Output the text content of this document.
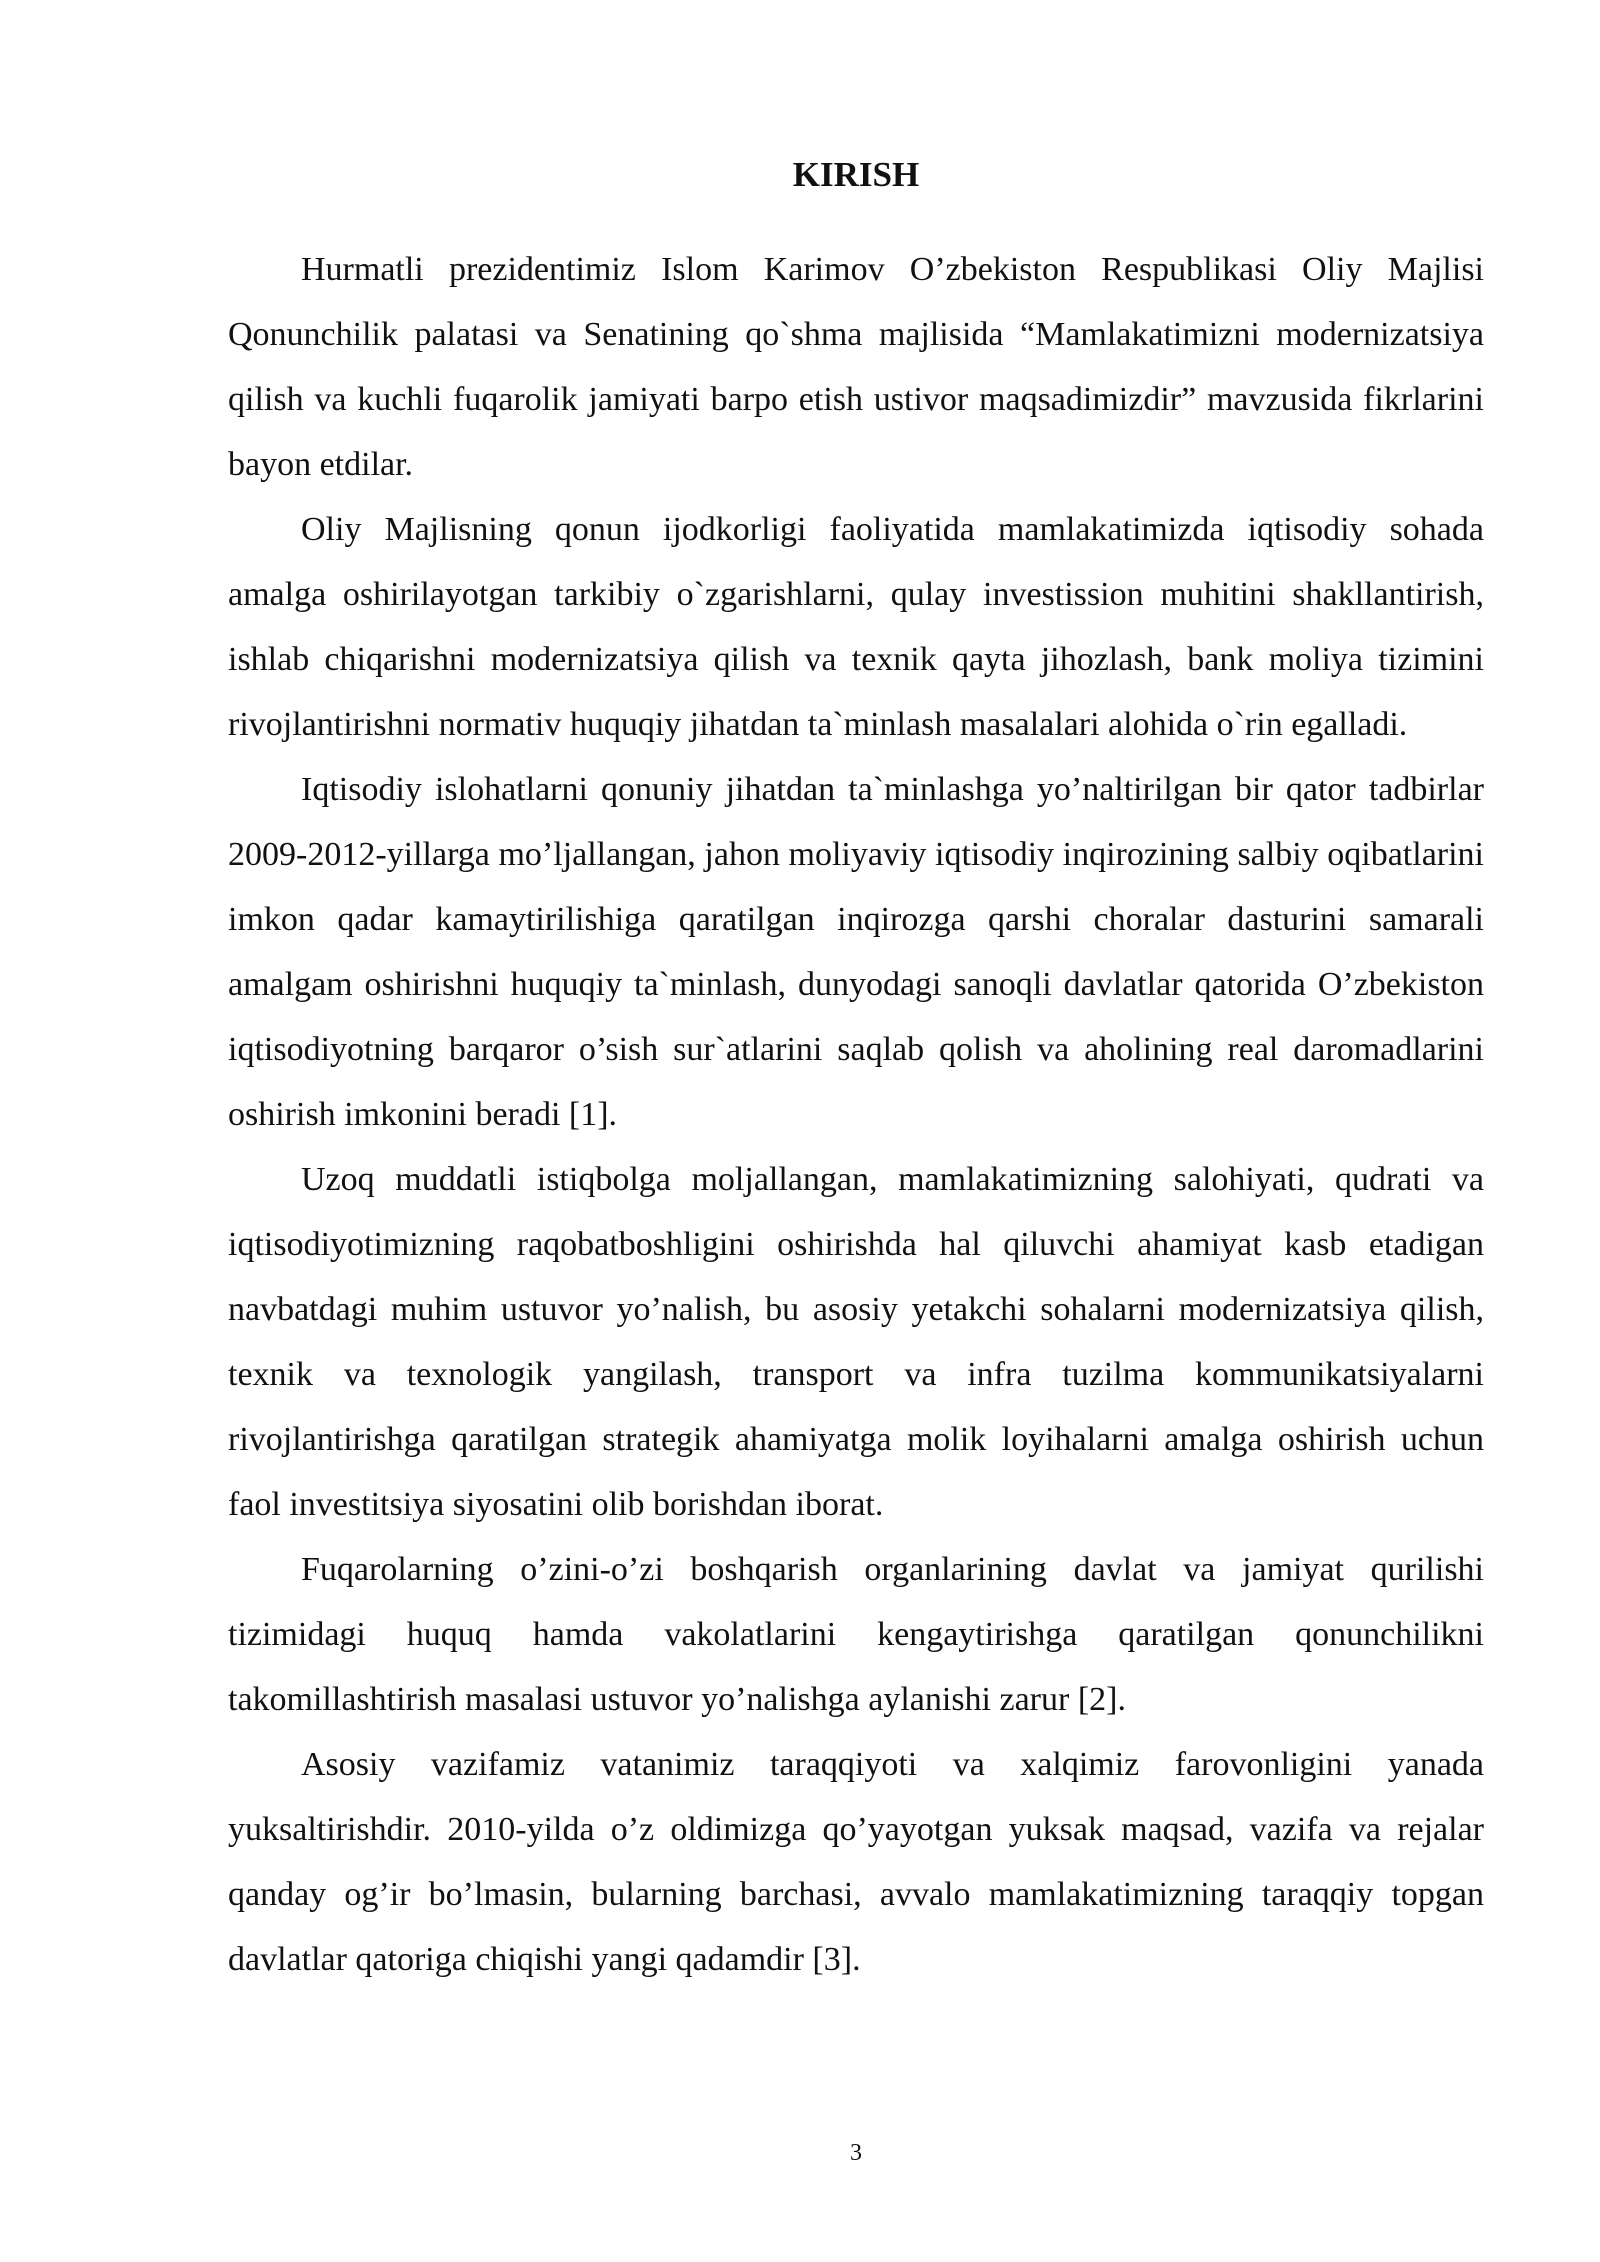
KIRISH

Hurmatli prezidentimiz Islom Karimov O’zbekiston Respublikasi Oliy Majlisi Qonunchilik palatasi va Senatining qo`shma majlisida “Mamlakatimizni modernizatsiya qilish va kuchli fuqarolik jamiyati barpo etish ustivor maqsadimizdir” mavzusida fikrlarini bayon etdilar.

Oliy Majlisning qonun ijodkorligi faoliyatida mamlakatimizda iqtisodiy sohada amalga oshirilayotgan tarkibiy o`zgarishlarni, qulay investission muhitini shakllantirish, ishlab chiqarishni modernizatsiya qilish va texnik qayta jihozlash, bank moliya tizimini rivojlantirishni normativ huquqiy jihatdan ta`minlash masalalari alohida o`rin egalladi.

Iqtisodiy islohatlarni qonuniy jihatdan ta`minlashga yo’naltirilgan bir qator tadbirlar 2009-2012-yillarga mo’ljallangan, jahon moliyaviy iqtisodiy inqirozining salbiy oqibatlarini imkon qadar kamaytirilishiga qaratilgan inqirozga qarshi choralar dasturini samarali amalgam oshirishni huquqiy ta`minlash, dunyodagi sanoqli davlatlar qatorida O’zbekiston iqtisodiyotning barqaror o’sish sur`atlarini saqlab qolish va aholining real daromadlarini oshirish imkonini beradi [1].

Uzoq muddatli istiqbolga moljallangan, mamlakatimizning salohiyati, qudrati va iqtisodiyotimizning raqobatboshligini oshirishda hal qiluvchi ahamiyat kasb etadigan navbatdagi muhim ustuvor yo’nalish, bu asosiy yetakchi sohalarni modernizatsiya qilish, texnik va texnologik yangilash, transport va infra tuzilma kommunikatsiyalarni rivojlantirishga qaratilgan strategik ahamiyatga molik loyihalarni amalga oshirish uchun faol investitsiya siyosatini olib borishdan iborat.

Fuqarolarning o’zini-o’zi boshqarish organlarining davlat va jamiyat qurilishi tizimidagi huquq hamda vakolatlarini kengaytirishga qaratilgan qonunchilikni takomillashtirish masalasi ustuvor yo’nalishga aylanishi zarur [2].

Asosiy vazifamiz vatanimiz taraqqiyoti va xalqimiz farovonligini yanada yuksaltirishdir. 2010-yilda o’z oldimizga qo’yayotgan yuksak maqsad, vazifa va rejalar qanday og’ir bo’lmasin, bularning barchasi, avvalo mamlakatimizning taraqqiy topgan davlatlar qatoriga chiqishi yangi qadamdir [3].

3
